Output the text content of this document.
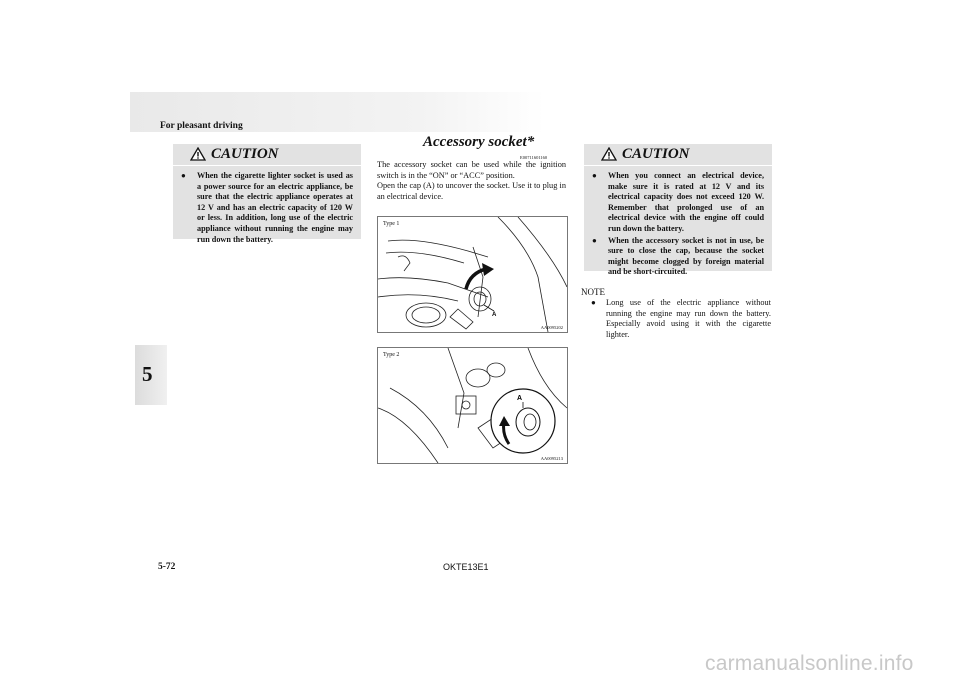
For pleasant driving
5
CAUTION
● When the cigarette lighter socket is used as a power source for an electric appliance, be sure that the electric appliance operates at 12 V and has an electric capacity of 120 W or less. In addition, long use of the electric appliance without running the engine may run down the battery.
Accessory socket*
E00711601160

The accessory socket can be used while the ignition switch is in the “ON” or “ACC” position.

Open the cap (A) to uncover the socket. Use it to plug in an electrical device.

Type 1
A
AA0095202
Type 2
A
AA0095213
CAUTION
● When you connect an electrical device, make sure it is rated at 12 V and its electrical capacity does not exceed 120 W. Remember that prolonged use of an electrical device with the engine off could run down the battery.
● When the accessory socket is not in use, be sure to close the cap, because the socket might become clogged by foreign material and be short-circuited.
NOTE
●	Long use of the electric appliance without running the engine may run down the battery. Especially avoid using it with the cigarette lighter.
5-72	OKTE13E1
carmanualsonline.info
